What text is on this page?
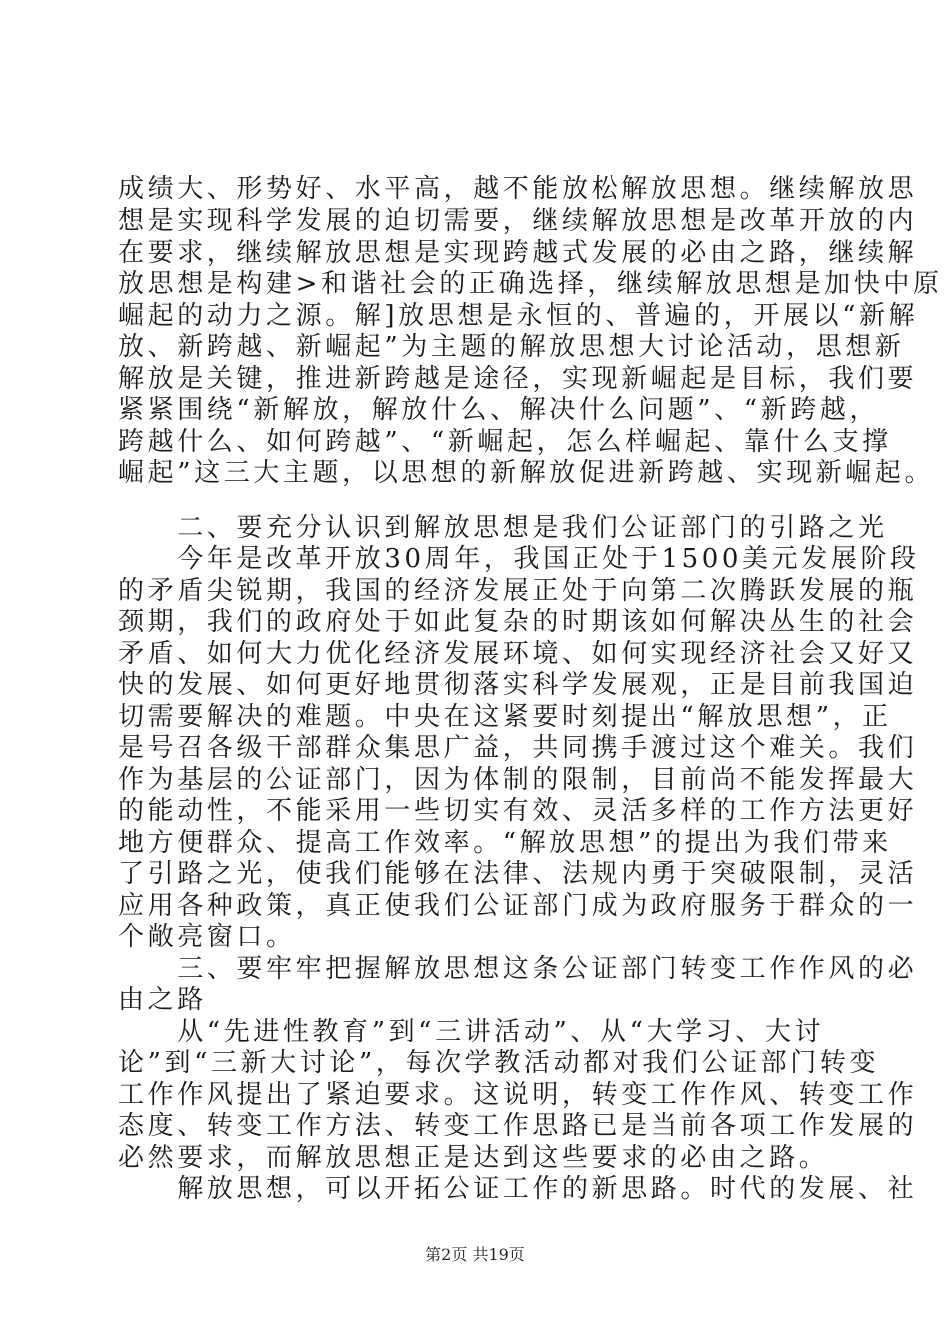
成绩大、形势好、水平高，越不能放松解放思想。继续解放思
想是实现科学发展的迫切需要，继续解放思想是改革开放的内
在要求，继续解放思想是实现跨越式发展的必由之路，继续解
放思想是构建>和谐社会的正确选择，继续解放思想是加快中原
崛起的动力之源。解]放思想是永恒的、普遍的，开展以“新解
放、新跨越、新崛起”为主题的解放思想大讨论活动，思想新
解放是关键，推进新跨越是途径，实现新崛起是目标，我们要
紧紧围绕“新解放，解放什么、解决什么问题”、“新跨越，
跨越什么、如何跨越”、“新崛起，怎么样崛起、靠什么支撑
崛起”这三大主题，以思想的新解放促进新跨越、实现新崛起。
　　二、要充分认识到解放思想是我们公证部门的引路之光
　　今年是改革开放30周年，我国正处于1500美元发展阶段
的矛盾尖锐期，我国的经济发展正处于向第二次腾跃发展的瓶
颈期，我们的政府处于如此复杂的时期该如何解决丛生的社会
矛盾、如何大力优化经济发展环境、如何实现经济社会又好又
快的发展、如何更好地贯彻落实科学发展观，正是目前我国迫
切需要解决的难题。中央在这紧要时刻提出“解放思想”，正
是号召各级干部群众集思广益，共同携手渡过这个难关。我们
作为基层的公证部门，因为体制的限制，目前尚不能发挥最大
的能动性，不能采用一些切实有效、灵活多样的工作方法更好
地方便群众、提高工作效率。“解放思想”的提出为我们带来
了引路之光，使我们能够在法律、法规内勇于突破限制，灵活
应用各种政策，真正使我们公证部门成为政府服务于群众的一
个敞亮窗口。
　　三、要牢牢把握解放思想这条公证部门转变工作作风的必
由之路
　　从“先进性教育”到“三讲活动”、从“大学习、大讨
论”到“三新大讨论”，每次学教活动都对我们公证部门转变
工作作风提出了紧迫要求。这说明，转变工作作风、转变工作
态度、转变工作方法、转变工作思路已是当前各项工作发展的
必然要求，而解放思想正是达到这些要求的必由之路。
　　解放思想，可以开拓公证工作的新思路。时代的发展、社
第2页 共19页
